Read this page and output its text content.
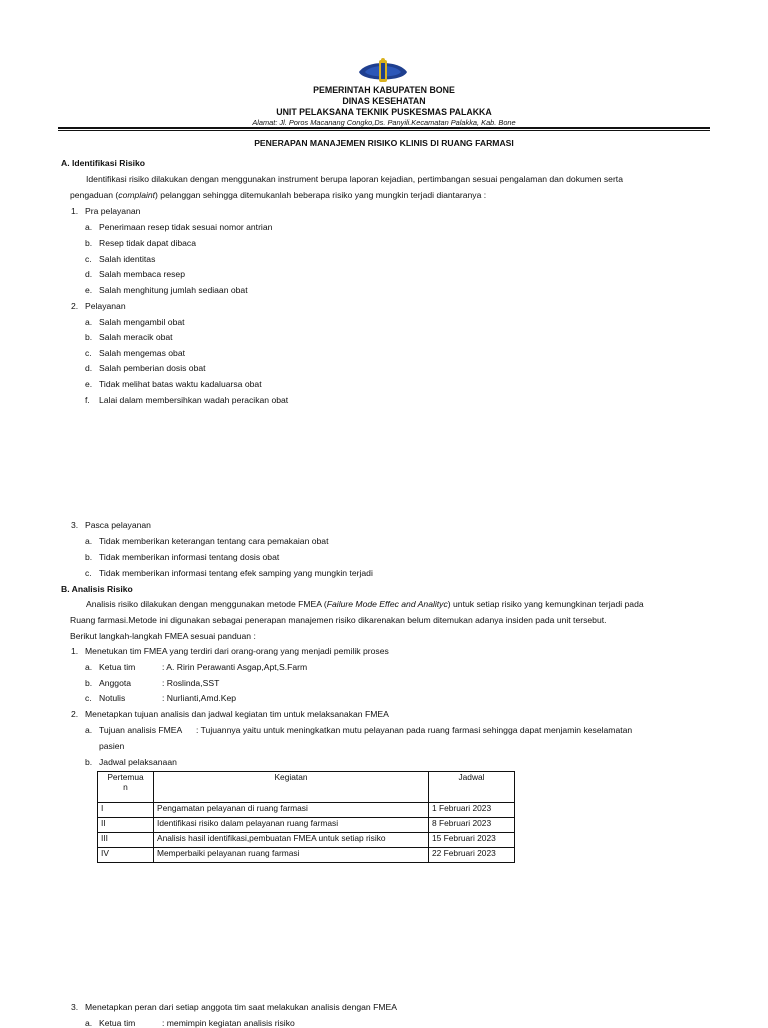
PEMERINTAH KABUPATEN BONE
DINAS KESEHATAN
UNIT PELAKSANA TEKNIK PUSKESMAS PALAKKA
Alamat: Jl. Poros Macanang Congko,Ds. Panyili.Kecamatan Palakka, Kab. Bone
PENERAPAN MANAJEMEN RISIKO KLINIS DI RUANG FARMASI
A. Identifikasi Risiko
Identifikasi risiko dilakukan dengan menggunakan instrument berupa laporan kejadian, pertimbangan sesuai pengalaman dan dokumen serta
pengaduan (complaint) pelanggan sehingga ditemukanlah beberapa risiko yang mungkin terjadi diantaranya :
1. Pra pelayanan
a. Penerimaan resep tidak sesuai nomor antrian
b. Resep tidak dapat dibaca
c. Salah identitas
d. Salah membaca resep
e. Salah menghitung jumlah sediaan obat
2. Pelayanan
a. Salah mengambil obat
b. Salah meracik obat
c. Salah mengemas obat
d. Salah pemberian dosis obat
e. Tidak melihat batas waktu kadaluarsa obat
f. Lalai dalam membersihkan wadah peracikan obat
3. Pasca pelayanan
a. Tidak memberikan keterangan tentang cara pemakaian obat
b. Tidak memberikan informasi tentang dosis obat
c. Tidak memberikan informasi tentang efek samping yang mungkin terjadi
B. Analisis Risiko
Analisis risiko dilakukan dengan menggunakan metode FMEA (Failure Mode Effec and Analityc) untuk setiap risiko yang kemungkinan terjadi pada
Ruang farmasi.Metode ini digunakan sebagai penerapan manajemen risiko dikarenakan belum ditemukan adanya insiden pada unit tersebut.
Berikut langkah-langkah FMEA sesuai panduan :
1. Menetukan tim FMEA yang terdiri dari orang-orang yang menjadi pemilik proses
a. Ketua tim	: A. Ririn Perawanti Asgap,Apt,S.Farm
b. Anggota	: Roslinda,SST
c. Notulis	: Nurlianti,Amd.Kep
2. Menetapkan tujuan analisis dan jadwal kegiatan tim untuk melaksanakan FMEA
a. Tujuan analisis FMEA : Tujuannya yaitu untuk meningkatkan mutu pelayanan pada ruang farmasi sehingga dapat menjamin keselamatan
pasien
b. Jadwal pelaksanaan
Pertemua
n	Kegiatan	Jadwal
I	Pengamatan pelayanan di ruang farmasi	1 Februari 2023
II	Identifikasi risiko dalam pelayanan ruang farmasi	8 Februari 2023
III	Analisis hasil identifikasi,pembuatan FMEA untuk setiap risiko	15 Februari 2023
IV	Memperbaiki pelayanan ruang farmasi	22 Februari 2023
3. Menetapkan peran dari setiap anggota tim saat melakukan analisis dengan FMEA
a. Ketua tim	: memimpin kegiatan analisis risiko
